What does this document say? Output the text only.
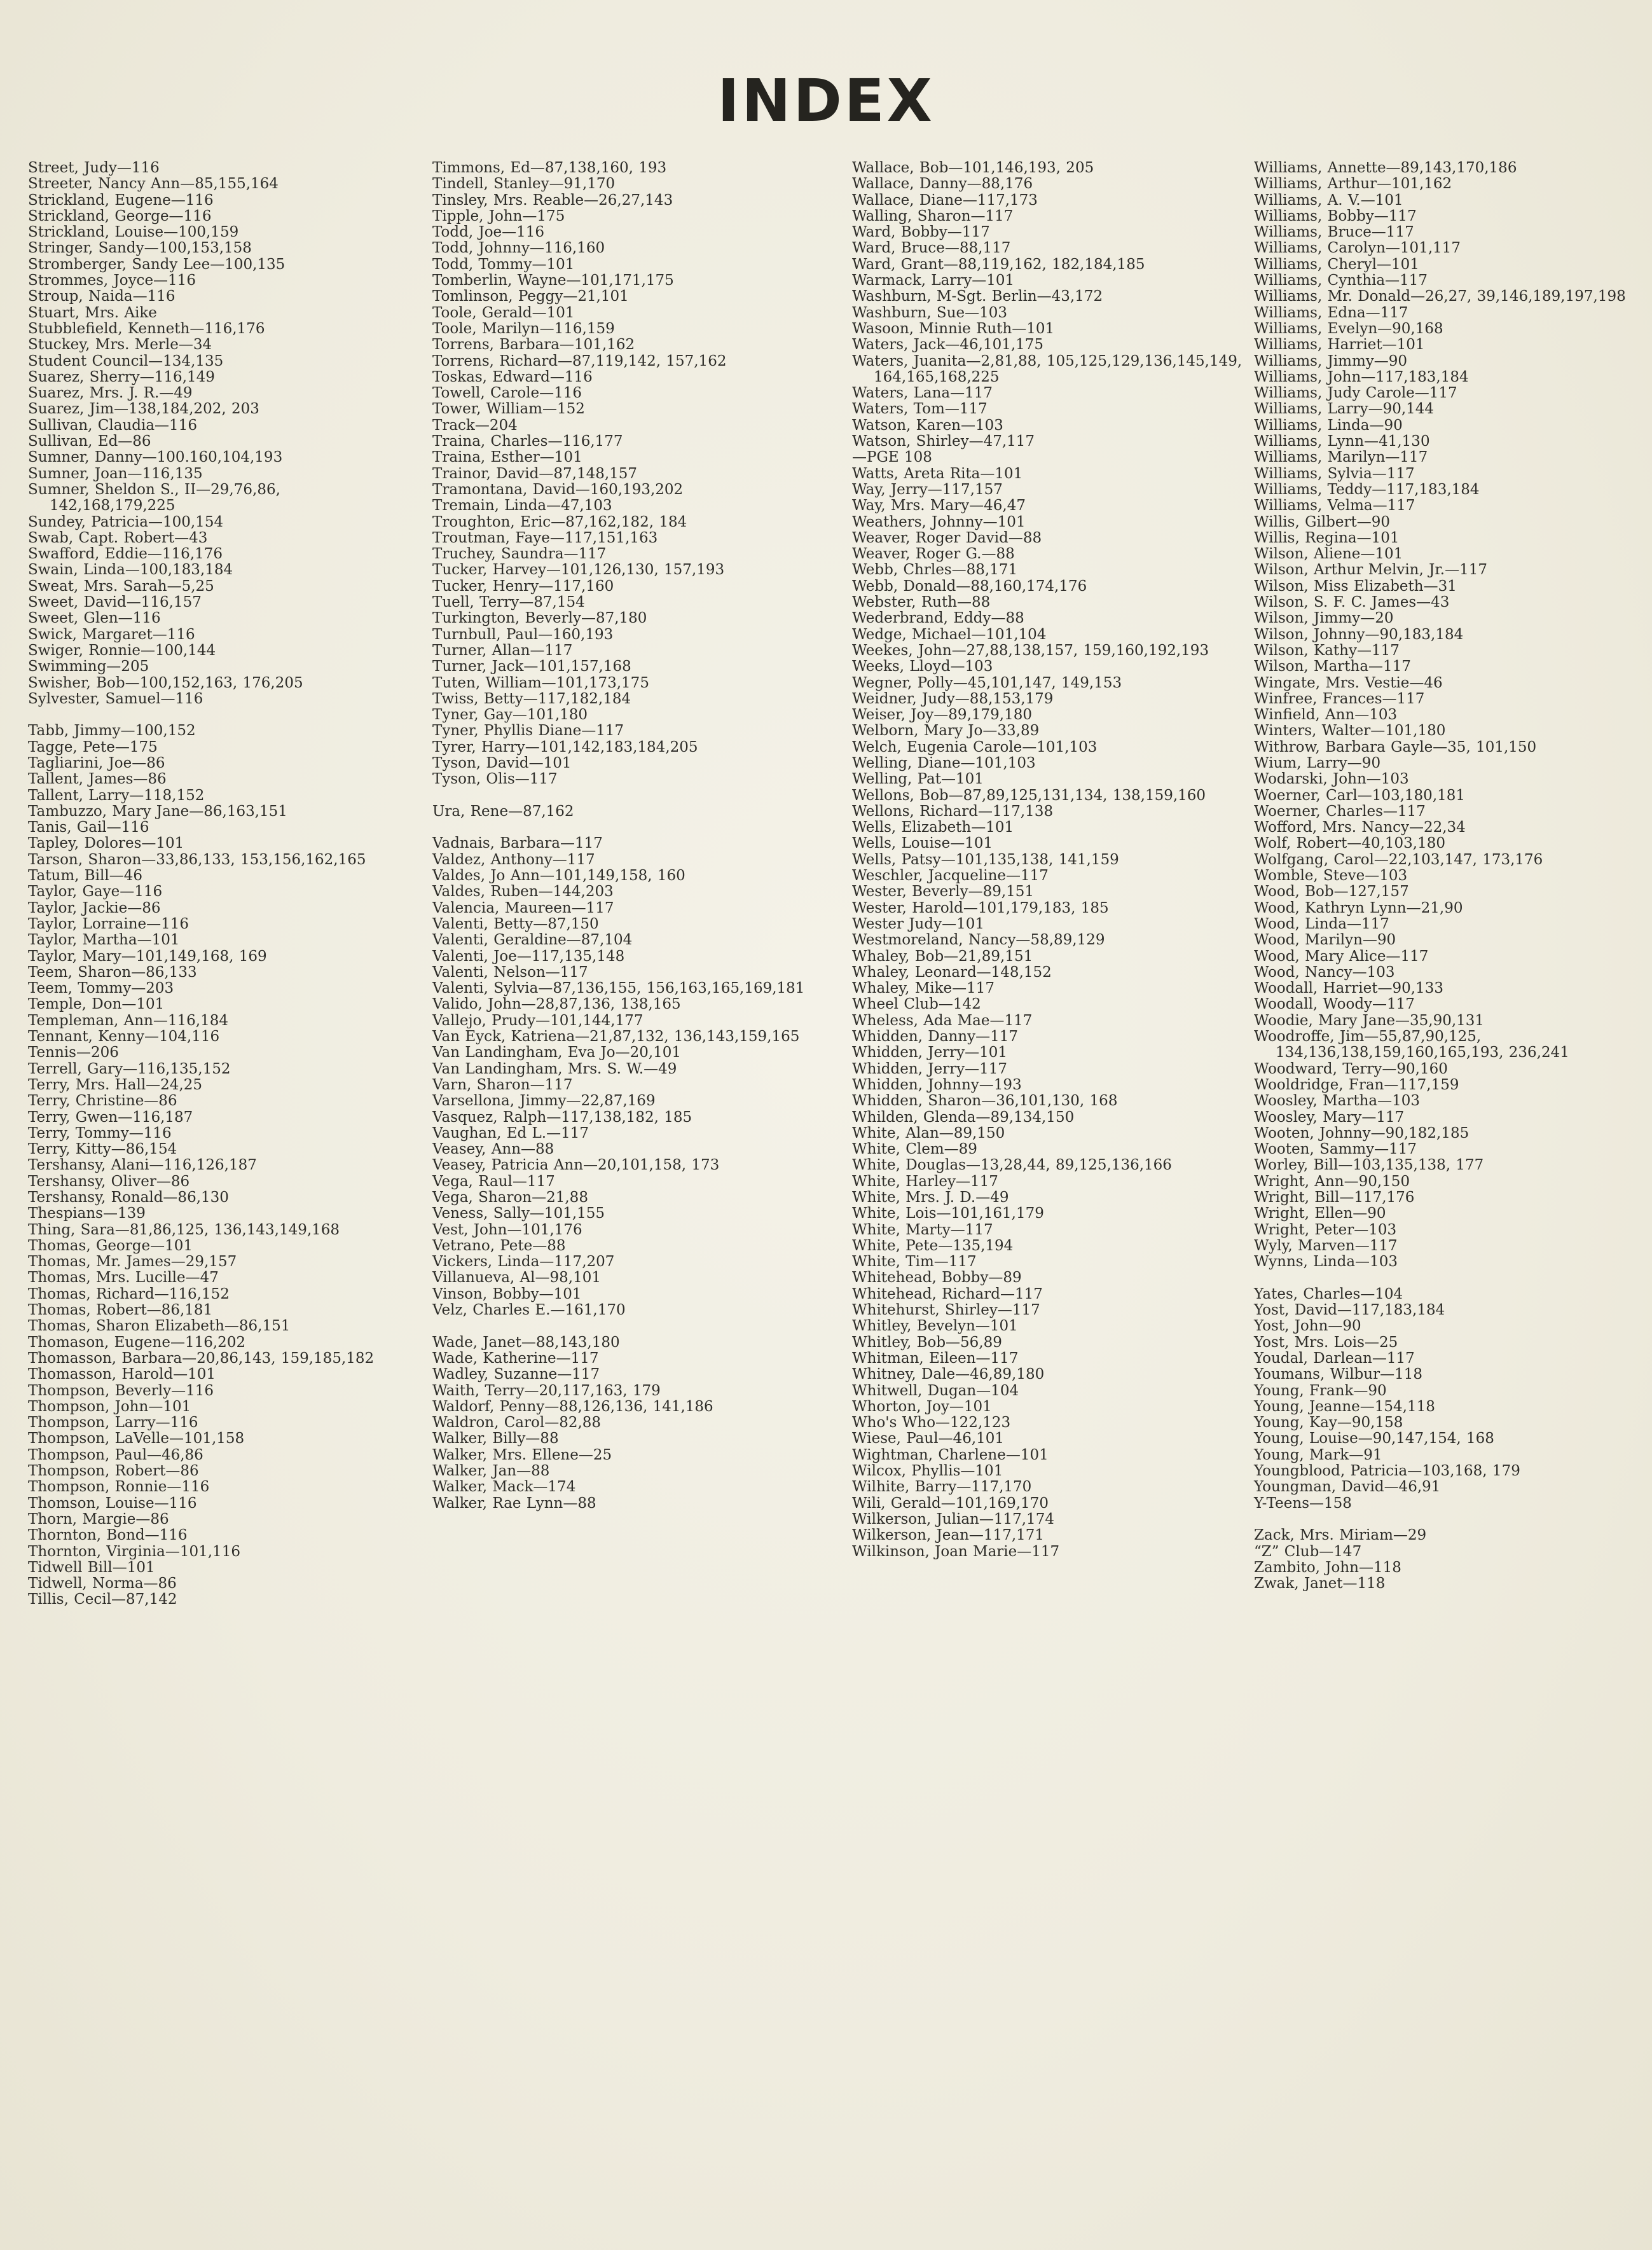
INDEX
Street, Judy—116
Streeter, Nancy Ann—85,155,164
Strickland, Eugene—116
Strickland, George—116
Strickland, Louise—100,159
Stringer, Sandy—100,153,158
Stromberger, Sandy Lee—100,135
Strommes, Joyce—116
Stroup, Naida—116
Stuart, Mrs. Aike
Stubblefield, Kenneth—116,176
Stuckey, Mrs. Merle—34
Student Council—134,135
Suarez, Sherry—116,149
Suarez, Mrs. J. R.—49
Suarez, Jim—138,184,202, 203
Sullivan, Claudia—116
Sullivan, Ed—86
Sumner, Danny—100.160,104,193
Sumner, Joan—116,135
Sumner, Sheldon S., II—29,76,86, 142,168,179,225
Sundey, Patricia—100,154
Swab, Capt. Robert—43
Swafford, Eddie—116,176
Swain, Linda—100,183,184
Sweat, Mrs. Sarah—5,25
Sweet, David—116,157
Sweet, Glen—116
Swick, Margaret—116
Swiger, Ronnie—100,144
Swimming—205
Swisher, Bob—100,152,163, 176,205
Sylvester, Samuel—116
Tabb, Jimmy—100,152
Tagge, Pete—175
Tagliarini, Joe—86
Tallent, James—86
Tallent, Larry—118,152
Tambuzzo, Mary Jane—86,163,151
Tanis, Gail—116
Tapley, Dolores—101
Tarson, Sharon—33,86,133, 153,156,162,165
Tatum, Bill—46
Taylor, Gaye—116
Taylor, Jackie—86
Taylor, Lorraine—116
Taylor, Martha—101
Taylor, Mary—101,149,168, 169
Teem, Sharon—86,133
Teem, Tommy—203
Temple, Don—101
Templeman, Ann—116,184
Tennant, Kenny—104,116
Tennis—206
Terrell, Gary—116,135,152
Terry, Mrs. Hall—24,25
Terry, Christine—86
Terry, Gwen—116,187
Terry, Tommy—116
Terry, Kitty—86,154
Tershansy, Alani—116,126,187
Tershansy, Oliver—86
Tershansy, Ronald—86,130
Thespians—139
Thing, Sara—81,86,125, 136,143,149,168
Thomas, George—101
Thomas, Mr. James—29,157
Thomas, Mrs. Lucille—47
Thomas, Richard—116,152
Thomas, Robert—86,181
Thomas, Sharon Elizabeth—86,151
Thomason, Eugene—116,202
Thomasson, Barbara—20,86,143, 159,185,182
Thomasson, Harold—101
Thompson, Beverly—116
Thompson, John—101
Thompson, Larry—116
Thompson, LaVelle—101,158
Thompson, Paul—46,86
Thompson, Robert—86
Thompson, Ronnie—116
Thomson, Louise—116
Thorn, Margie—86
Thornton, Bond—116
Thornton, Virginia—101,116
Tidwell Bill—101
Tidwell, Norma—86
Tillis, Cecil—87,142
Timmons, Ed—87,138,160, 193
Tindell, Stanley—91,170
Tinsley, Mrs. Reable—26,27,143
Tipple, John—175
Todd, Joe—116
Todd, Johnny—116,160
Todd, Tommy—101
Tomberlin, Wayne—101,171,175
Tomlinson, Peggy—21,101
Toole, Gerald—101
Toole, Marilyn—116,159
Torrens, Barbara—101,162
Torrens, Richard—87,119,142, 157,162
Toskas, Edward—116
Towell, Carole—116
Tower, William—152
Track—204
Traina, Charles—116,177
Traina, Esther—101
Trainor, David—87,148,157
Tramontana, David—160,193,202
Tremain, Linda—47,103
Troughton, Eric—87,162,182, 184
Troutman, Faye—117,151,163
Truchey, Saundra—117
Tucker, Harvey—101,126,130, 157,193
Tucker, Henry—117,160
Tuell, Terry—87,154
Turkington, Beverly—87,180
Turnbull, Paul—160,193
Turner, Allan—117
Turner, Jack—101,157,168
Tuten, William—101,173,175
Twiss, Betty—117,182,184
Tyner, Gay—101,180
Tyner, Phyllis Diane—117
Tyrer, Harry—101,142,183,184,205
Tyson, David—101
Tyson, Olis—117
Ura, Rene—87,162
Vadnais, Barbara—117
Valdez, Anthony—117
Valdes, Jo Ann—101,149,158, 160
Valdes, Ruben—144,203
Valencia, Maureen—117
Valenti, Betty—87,150
Valenti, Geraldine—87,104
Valenti, Joe—117,135,148
Valenti, Nelson—117
Valenti, Sylvia—87,136,155, 156,163,165,169,181
Valido, John—28,87,136, 138,165
Vallejo, Prudy—101,144,177
Van Eyck, Katriena—21,87,132, 136,143,159,165
Van Landingham, Eva Jo—20,101
Van Landingham, Mrs. S. W.—49
Varn, Sharon—117
Varsellona, Jimmy—22,87,169
Vasquez, Ralph—117,138,182, 185
Vaughan, Ed L.—117
Veasey, Ann—88
Veasey, Patricia Ann—20,101,158, 173
Vega, Raul—117
Vega, Sharon—21,88
Veness, Sally—101,155
Vest, John—101,176
Vetrano, Pete—88
Vickers, Linda—117,207
Villanueva, Al—98,101
Vinson, Bobby—101
Velz, Charles E.—161,170
Wade, Janet—88,143,180
Wade, Katherine—117
Wadley, Suzanne—117
Waith, Terry—20,117,163, 179
Waldorf, Penny—88,126,136, 141,186
Waldron, Carol—82,88
Walker, Billy—88
Walker, Mrs. Ellene—25
Walker, Jan—88
Walker, Mack—174
Walker, Rae Lynn—88
Wallace, Bob—101,146,193, 205
Wallace, Danny—88,176
Wallace, Diane—117,173
Walling, Sharon—117
Ward, Bobby—117
Ward, Bruce—88,117
Ward, Grant—88,119,162, 182,184,185
Warmack, Larry—101
Washburn, M-Sgt. Berlin—43,172
Washburn, Sue—103
Wasoon, Minnie Ruth—101
Waters, Jack—46,101,175
Waters, Juanita—2,81,88, 105,125,129,136,145,149, 164,165,168,225
Waters, Lana—117
Waters, Tom—117
Watson, Karen—103
Watson, Shirley—47,117
—PGE 108
Watts, Areta Rita—101
Way, Jerry—117,157
Way, Mrs. Mary—46,47
Weathers, Johnny—101
Weaver, Roger David—88
Weaver, Roger G.—88
Webb, Chrles—88,171
Webb, Donald—88,160,174,176
Webster, Ruth—88
Wederbrand, Eddy—88
Wedge, Michael—101,104
Weekes, John—27,88,138,157, 159,160,192,193
Weeks, Lloyd—103
Wegner, Polly—45,101,147, 149,153
Weidner, Judy—88,153,179
Weiser, Joy—89,179,180
Welborn, Mary Jo—33,89
Welch, Eugenia Carole—101,103
Welling, Diane—101,103
Welling, Pat—101
Wellons, Bob—87,89,125,131,134, 138,159,160
Wellons, Richard—117,138
Wells, Elizabeth—101
Wells, Louise—101
Wells, Patsy—101,135,138, 141,159
Weschler, Jacqueline—117
Wester, Beverly—89,151
Wester, Harold—101,179,183, 185
Wester Judy—101
Westmoreland, Nancy—58,89,129
Whaley, Bob—21,89,151
Whaley, Leonard—148,152
Whaley, Mike—117
Wheel Club—142
Wheless, Ada Mae—117
Whidden, Danny—117
Whidden, Jerry—101
Whidden, Jerry—117
Whidden, Johnny—193
Whidden, Sharon—36,101,130, 168
Whilden, Glenda—89,134,150
White, Alan—89,150
White, Clem—89
White, Douglas—13,28,44, 89,125,136,166
White, Harley—117
White, Mrs. J. D.—49
White, Lois—101,161,179
White, Marty—117
White, Pete—135,194
White, Tim—117
Whitehead, Bobby—89
Whitehead, Richard—117
Whitehurst, Shirley—117
Whitley, Bevelyn—101
Whitley, Bob—56,89
Whitman, Eileen—117
Whitney, Dale—46,89,180
Whitwell, Dugan—104
Whorton, Joy—101
Who's Who—122,123
Wiese, Paul—46,101
Wightman, Charlene—101
Wilcox, Phyllis—101
Wilhite, Barry—117,170
Wili, Gerald—101,169,170
Wilkerson, Julian—117,174
Wilkerson, Jean—117,171
Wilkinson, Joan Marie—117
Williams, Annette—89,143,170,186
Williams, Arthur—101,162
Williams, A. V.—101
Williams, Bobby—117
Williams, Bruce—117
Williams, Carolyn—101,117
Williams, Cheryl—101
Williams, Cynthia—117
Williams, Mr. Donald—26,27, 39,146,189,197,198
Williams, Edna—117
Williams, Evelyn—90,168
Williams, Harriet—101
Williams, Jimmy—90
Williams, John—117,183,184
Williams, Judy Carole—117
Williams, Larry—90,144
Williams, Linda—90
Williams, Lynn—41,130
Williams, Marilyn—117
Williams, Sylvia—117
Williams, Teddy—117,183,184
Williams, Velma—117
Willis, Gilbert—90
Willis, Regina—101
Wilson, Aliene—101
Wilson, Arthur Melvin, Jr.—117
Wilson, Miss Elizabeth—31
Wilson, S. F. C. James—43
Wilson, Jimmy—20
Wilson, Johnny—90,183,184
Wilson, Kathy—117
Wilson, Martha—117
Wingate, Mrs. Vestie—46
Winfree, Frances—117
Winfield, Ann—103
Winters, Walter—101,180
Withrow, Barbara Gayle—35, 101,150
Wium, Larry—90
Wodarski, John—103
Woerner, Carl—103,180,181
Woerner, Charles—117
Wofford, Mrs. Nancy—22,34
Wolf, Robert—40,103,180
Wolfgang, Carol—22,103,147, 173,176
Womble, Steve—103
Wood, Bob—127,157
Wood, Kathryn Lynn—21,90
Wood, Linda—117
Wood, Marilyn—90
Wood, Mary Alice—117
Wood, Nancy—103
Woodall, Harriet—90,133
Woodall, Woody—117
Woodie, Mary Jane—35,90,131
Woodroffe, Jim—55,87,90,125, 134,136,138,159,160,165,193, 236,241
Woodward, Terry—90,160
Wooldridge, Fran—117,159
Woosley, Martha—103
Woosley, Mary—117
Wooten, Johnny—90,182,185
Wooten, Sammy—117
Worley, Bill—103,135,138, 177
Wright, Ann—90,150
Wright, Bill—117,176
Wright, Ellen—90
Wright, Peter—103
Wyly, Marven—117
Wynns, Linda—103
Yates, Charles—104
Yost, David—117,183,184
Yost, John—90
Yost, Mrs. Lois—25
Youdal, Darlean—117
Youmans, Wilbur—118
Young, Frank—90
Young, Jeanne—154,118
Young, Kay—90,158
Young, Louise—90,147,154, 168
Young, Mark—91
Youngblood, Patricia—103,168, 179
Youngman, David—46,91
Y-Teens—158
Zack, Mrs. Miriam—29
“Z” Club—147
Zambito, John—118
Zwak, Janet—118
